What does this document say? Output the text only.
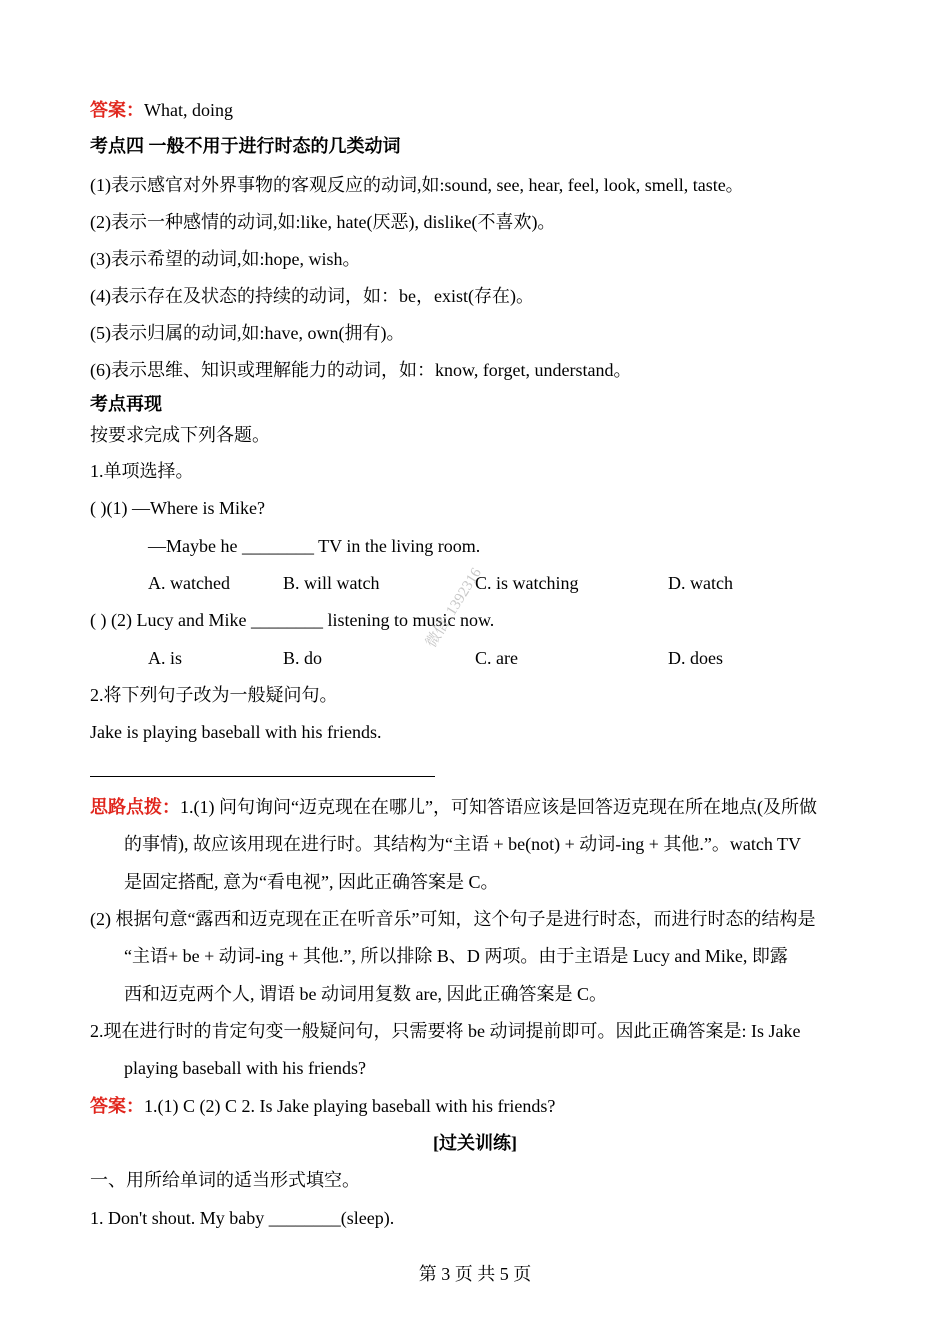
答案：What, doing
考点四 一般不用于进行时态的几类动词
(1)表示感官对外界事物的客观反应的动词,如:sound, see, hear, feel, look, smell, taste。
(2)表示一种感情的动词,如:like, hate(厌恶), dislike(不喜欢)。
(3)表示希望的动词,如:hope, wish。
(4)表示存在及状态的持续的动词，如：be，exist(存在)。
(5)表示归属的动词,如:have, own(拥有)。
(6)表示思维、知识或理解能力的动词，如：know, forget, understand。
考点再现
按要求完成下列各题。
1.单项选择。
( )(1) —Where is Mike?
—Maybe he ________ TV in the living room.
A. watched	B. will watch	C. is watching	D. watch
( ) (2) Lucy and Mike ________ listening to music now.
A. is	B. do	C. are	D. does
微信: 1392316
2.将下列句子改为一般疑问句。
Jake is playing baseball with his friends.
思路点拨：1.(1) 问句询问“迈克现在在哪儿”，可知答语应该是回答迈克现在所在地点(及所做
的事情), 故应该用现在进行时。其结构为“主语 + be(not) + 动词-ing + 其他.”。watch TV
是固定搭配, 意为“看电视”, 因此正确答案是 C。
(2) 根据句意“露西和迈克现在正在听音乐”可知，这个句子是进行时态，而进行时态的结构是
“主语+ be + 动词-ing + 其他.”, 所以排除 B、D 两项。由于主语是 Lucy and Mike, 即露
西和迈克两个人, 谓语 be 动词用复数 are, 因此正确答案是 C。
2.现在进行时的肯定句变一般疑问句，只需要将 be 动词提前即可。因此正确答案是: Is Jake
playing baseball with his friends?
答案：1.(1) C (2) C 2. Is Jake playing baseball with his friends?
[过关训练]
一、用所给单词的适当形式填空。
1. Don't shout. My baby ________(sleep).
第 3 页 共 5 页
